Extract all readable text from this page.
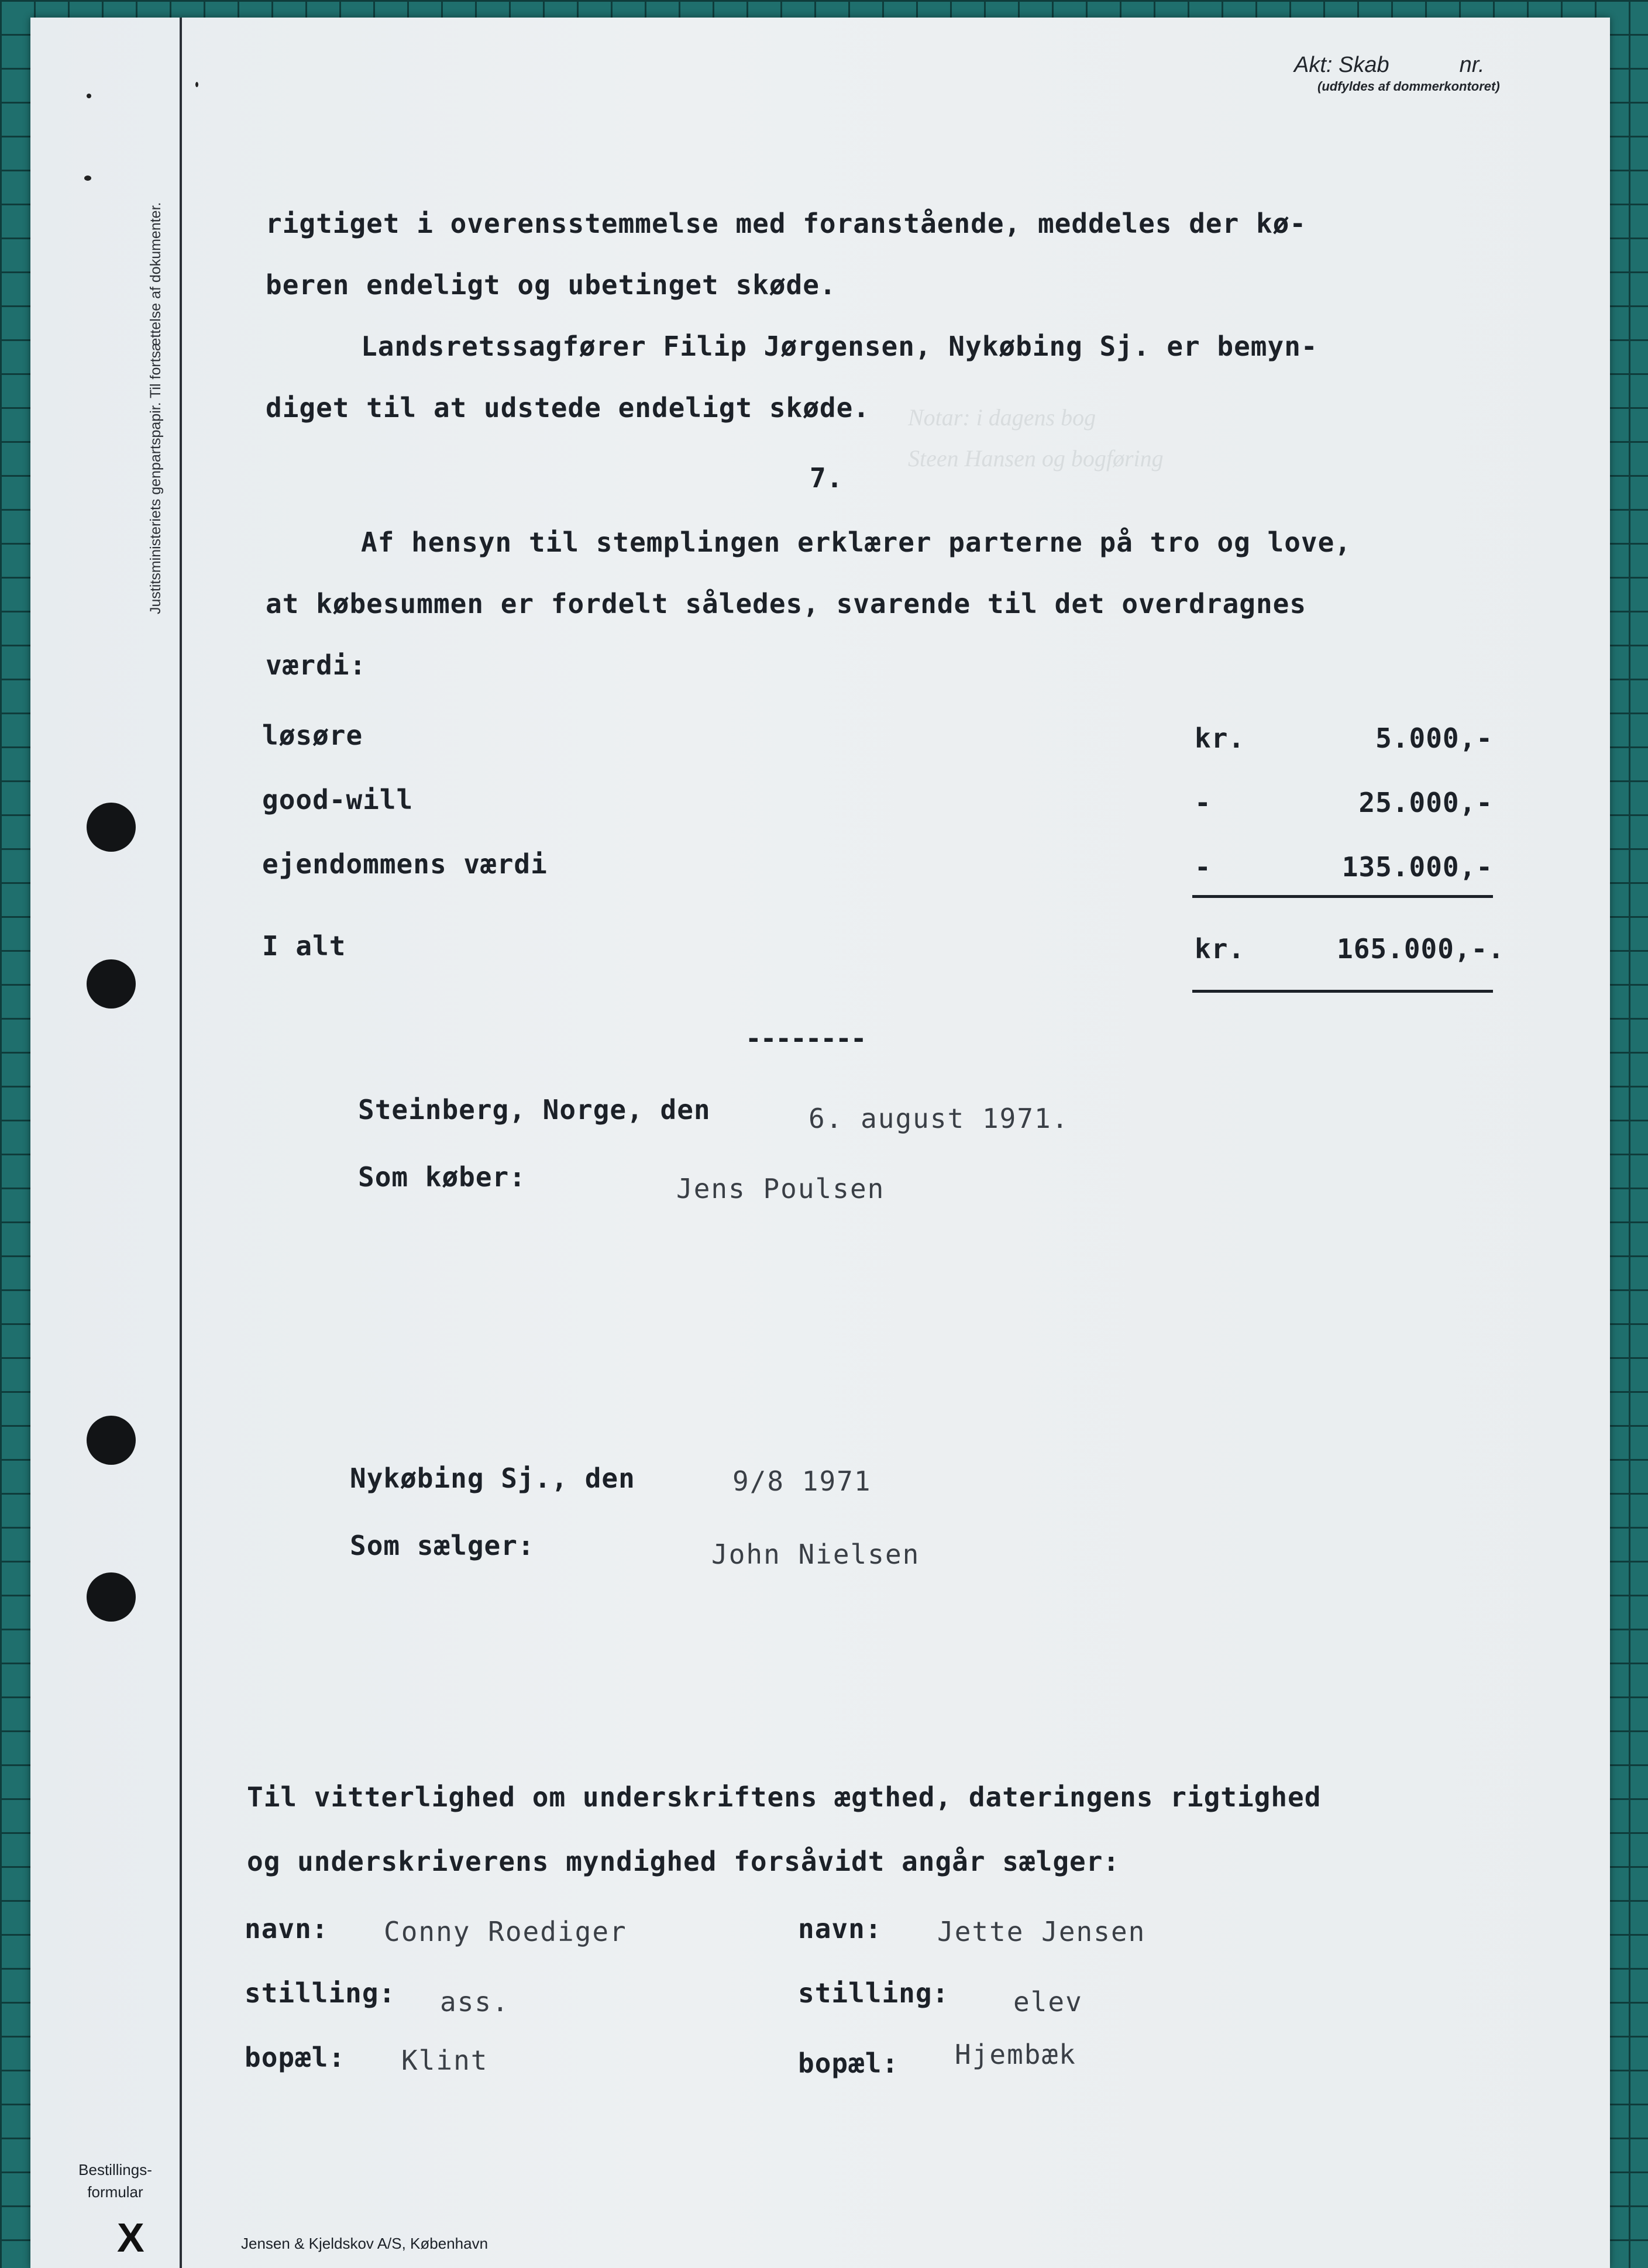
Justitsministeriets genpartspapir. Til fortsættelse af dokumenter.	Notar: i dagens bog
Steen Hansen og bogføring
Akt: Skab	nr.
(udfyldes af dommerkontoret)
rigtiget i overensstemmelse med foranstående, meddeles der kø-
beren endeligt og ubetinget skøde.
Landsretssagfører Filip Jørgensen, Nykøbing Sj. er bemyn-
diget til at udstede endeligt skøde.
7.
Af hensyn til stemplingen erklærer parterne på tro og love,
at købesummen er fordelt således, svarende til det overdragnes
værdi:
løsøre	kr.	5.000,-
good-will	-	25.000,-
ejendommens værdi	-	135.000,-
I alt	kr.	165.000,-.
--------
Steinberg, Norge, den	6. august 1971.
Som køber:	Jens Poulsen
Nykøbing Sj., den	9/8 1971
Som sælger:	John Nielsen
Til vitterlighed om underskriftens ægthed, dateringens rigtighed
og underskriverens myndighed forsåvidt angår sælger:
navn: Conny Roediger
stilling: ass.
bopæl: Klint
navn: Jette Jensen
stilling: elev
bopæl: Hjembæk
Bestillings-
formular
X	Jensen & Kjeldskov A/S, København
